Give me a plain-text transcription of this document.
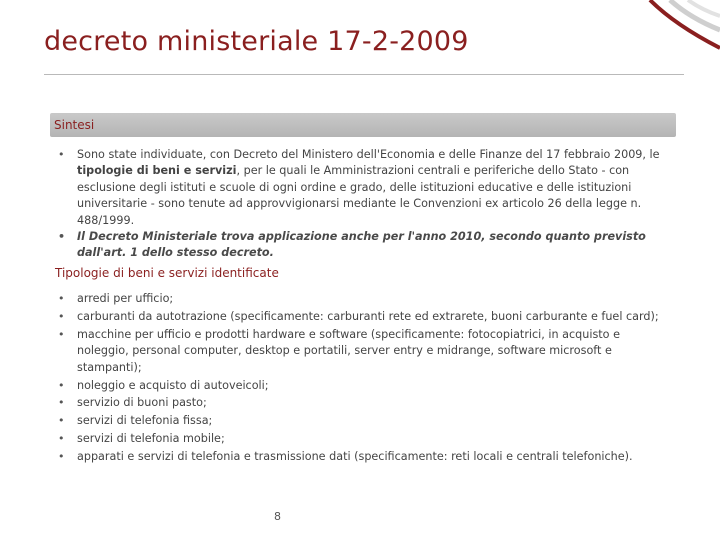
decreto ministeriale 17-2-2009
Sintesi
• Sono state individuate, con Decreto del Ministero dell'Economia e delle Finanze del 17 febbraio 2009, le tipologie di beni e servizi, per le quali le Amministrazioni centrali e periferiche dello Stato - con esclusione degli istituti e scuole di ogni ordine e grado, delle istituzioni educative e delle istituzioni universitarie - sono tenute ad approvvigionarsi mediante le Convenzioni ex articolo 26 della legge n. 488/1999.
• Il Decreto Ministeriale trova applicazione anche per l'anno 2010, secondo quanto previsto dall'art. 1 dello stesso decreto.
Tipologie di beni e servizi identificate
• arredi per ufficio;
• carburanti da autotrazione (specificamente: carburanti rete ed extrarete, buoni carburante e fuel card);
• macchine per ufficio e prodotti hardware e software (specificamente: fotocopiatrici, in acquisto e noleggio, personal computer, desktop e portatili, server entry e midrange, software microsoft e stampanti);
• noleggio e acquisto di autoveicoli;
• servizio di buoni pasto;
• servizi di telefonia fissa;
• servizi di telefonia mobile;
• apparati e servizi di telefonia e trasmissione dati (specificamente: reti locali e centrali telefoniche).
8
